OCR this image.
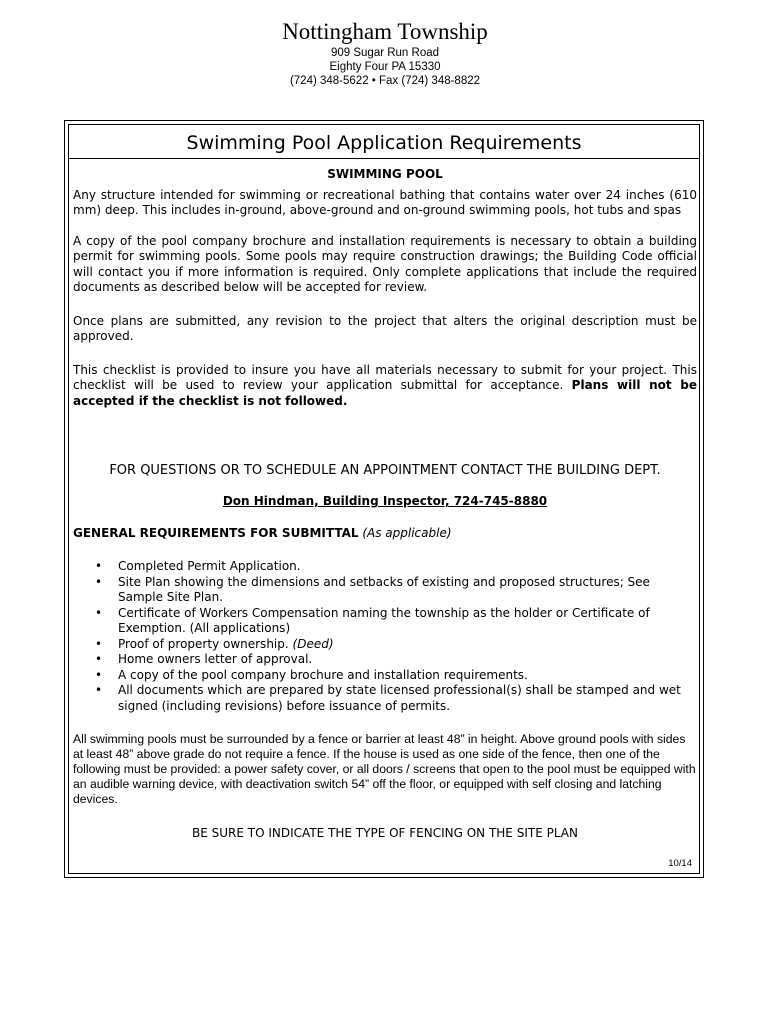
Nottingham Township
909 Sugar Run Road
Eighty Four PA 15330
(724) 348-5622 • Fax (724) 348-8822
Swimming Pool Application Requirements

SWIMMING POOL

Any structure intended for swimming or recreational bathing that contains water over 24 inches (610 mm) deep. This includes in-ground, above-ground and on-ground swimming pools, hot tubs and spas

A copy of the pool company brochure and installation requirements is necessary to obtain a building permit for swimming pools. Some pools may require construction drawings; the Building Code official will contact you if more information is required. Only complete applications that include the required documents as described below will be accepted for review.

Once plans are submitted, any revision to the project that alters the original description must be approved.

This checklist is provided to insure you have all materials necessary to submit for your project. This checklist will be used to review your application submittal for acceptance. Plans will not be accepted if the checklist is not followed.

FOR QUESTIONS OR TO SCHEDULE AN APPOINTMENT CONTACT THE BUILDING DEPT.

Don Hindman, Building Inspector, 724-745-8880

GENERAL REQUIREMENTS FOR SUBMITTAL (As applicable)

• Completed Permit Application.
• Site Plan showing the dimensions and setbacks of existing and proposed structures; See Sample Site Plan.
• Certificate of Workers Compensation naming the township as the holder or Certificate of Exemption. (All applications)
• Proof of property ownership. (Deed)
• Home owners letter of approval.
• A copy of the pool company brochure and installation requirements.
• All documents which are prepared by state licensed professional(s) shall be stamped and wet signed (including revisions) before issuance of permits.

All swimming pools must be surrounded by a fence or barrier at least 48” in height. Above ground pools with sides at least 48” above grade do not require a fence. If the house is used as one side of the fence, then one of the following must be provided: a power safety cover, or all doors / screens that open to the pool must be equipped with an audible warning device, with deactivation switch 54” off the floor, or equipped with self closing and latching devices.

BE SURE TO INDICATE THE TYPE OF FENCING ON THE SITE PLAN

10/14
